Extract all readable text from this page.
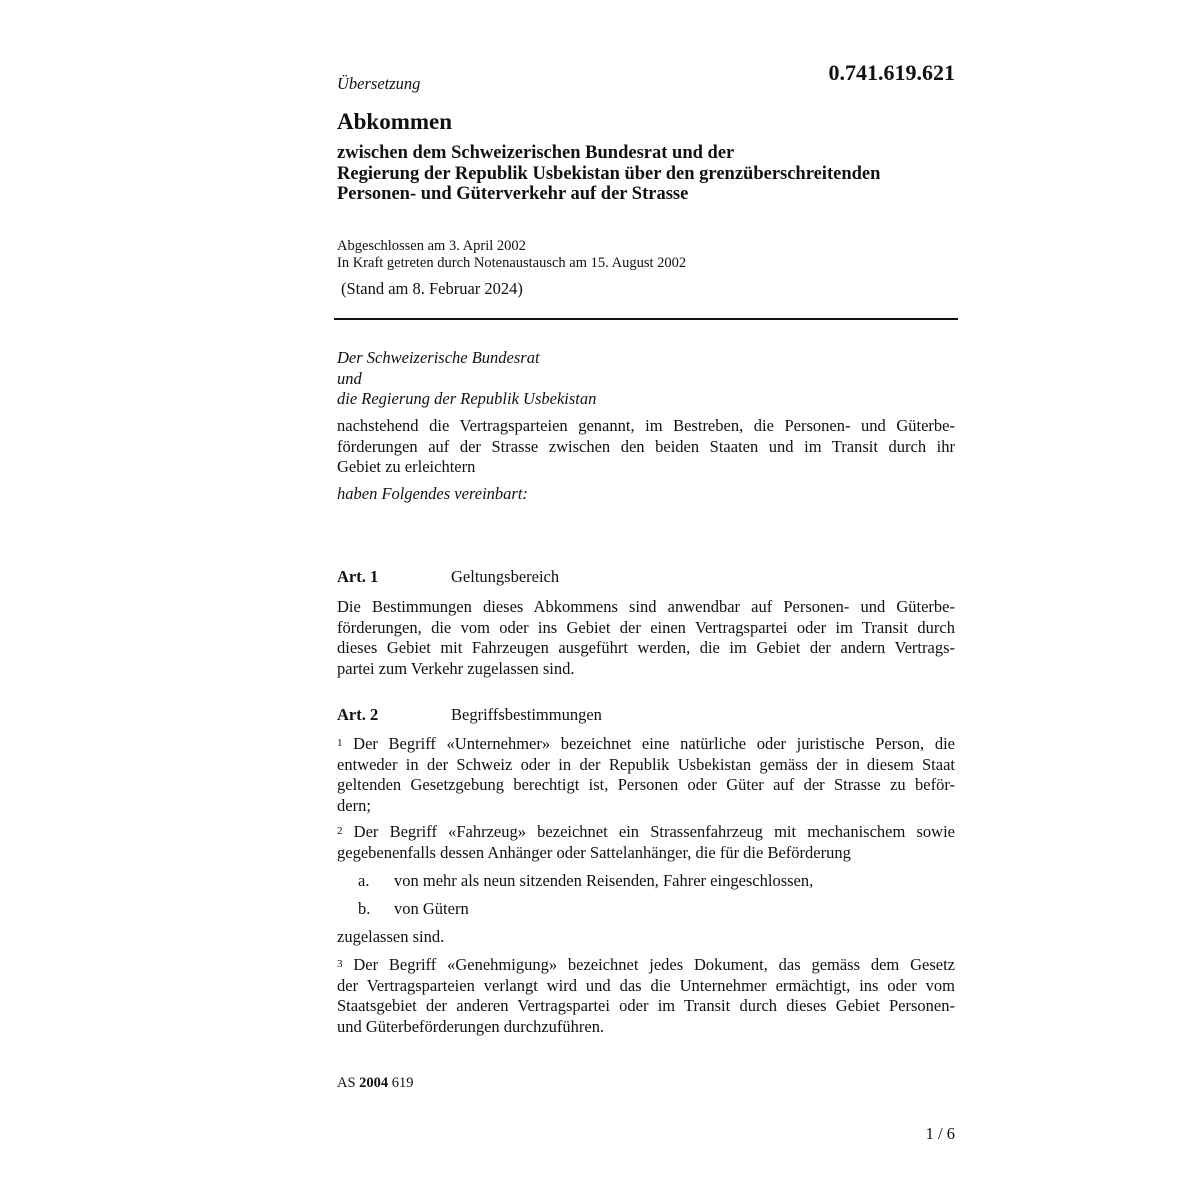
Übersetzung	0.741.619.621
Abkommen
zwischen dem Schweizerischen Bundesrat und der
Regierung der Republik Usbekistan über den grenzüberschreitenden
Personen- und Güterverkehr auf der Strasse
Abgeschlossen am 3. April 2002
In Kraft getreten durch Notenaustausch am 15. August 2002
(Stand am 8. Februar 2024)
Der Schweizerische Bundesrat
und
die Regierung der Republik Usbekistan
nachstehend die Vertragsparteien genannt, im Bestreben, die Personen- und Güterbe-
förderungen auf der Strasse zwischen den beiden Staaten und im Transit durch ihr
Gebiet zu erleichtern
haben Folgendes vereinbart:
Art. 1	Geltungsbereich
Die Bestimmungen dieses Abkommens sind anwendbar auf Personen- und Güterbe-
förderungen, die vom oder ins Gebiet der einen Vertragspartei oder im Transit durch
dieses Gebiet mit Fahrzeugen ausgeführt werden, die im Gebiet der andern Vertrags-
partei zum Verkehr zugelassen sind.
Art. 2	Begriffsbestimmungen
$^1$ Der Begriff «Unternehmer» bezeichnet eine natürliche oder juristische Person, die
entweder in der Schweiz oder in der Republik Usbekistan gemäss der in diesem Staat
geltenden Gesetzgebung berechtigt ist, Personen oder Güter auf der Strasse zu beför-
dern;
$^2$ Der Begriff «Fahrzeug» bezeichnet ein Strassenfahrzeug mit mechanischem sowie
gegebenenfalls dessen Anhänger oder Sattelanhänger, die für die Beförderung
a. von mehr als neun sitzenden Reisenden, Fahrer eingeschlossen,
b. von Gütern
zugelassen sind.
$^3$ Der Begriff «Genehmigung» bezeichnet jedes Dokument, das gemäss dem Gesetz
der Vertragsparteien verlangt wird und das die Unternehmer ermächtigt, ins oder vom
Staatsgebiet der anderen Vertragspartei oder im Transit durch dieses Gebiet Personen-
und Güterbeförderungen durchzuführen.
AS 2004 619
1 / 6
